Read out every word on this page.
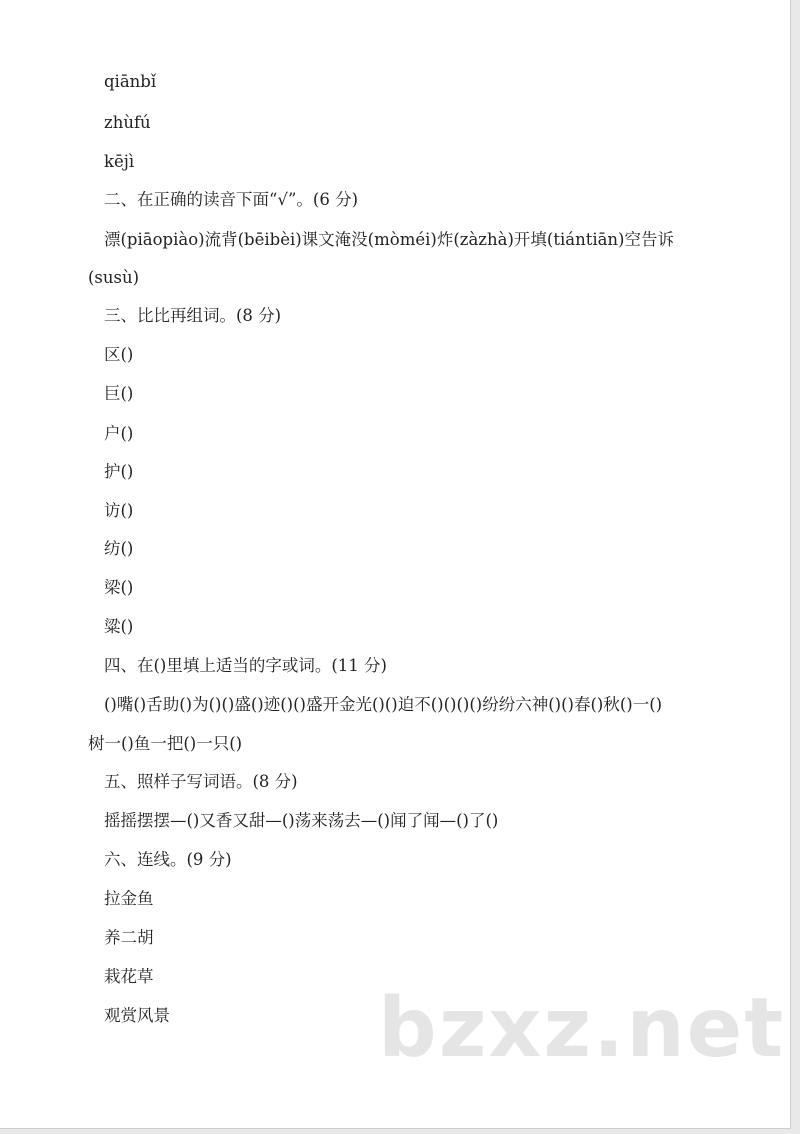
qiānbǐ
zhùfú
kējì
二、在正确的读音下面“√”。(6 分)
漂(piāopiào)流背(bēibèi)课文淹没(mòméi)炸(zàzhà)开填(tiántiān)空告诉
(susù)
三、比比再组词。(8 分)
区()
巨()
户()
护()
访()
纺()
梁()
粱()
四、在()里填上适当的字或词。(11 分)
()嘴()舌助()为()()盛()迹()()盛开金光()()迫不()()()()纷纷六神()()春()秋()一()
树一()鱼一把()一只()
五、照样子写词语。(8 分)
摇摇摆摆—()又香又甜—()荡来荡去—()闻了闻—()了()
六、连线。(9 分)
拉金鱼
养二胡
栽花草
观赏风景	bzxz.net
